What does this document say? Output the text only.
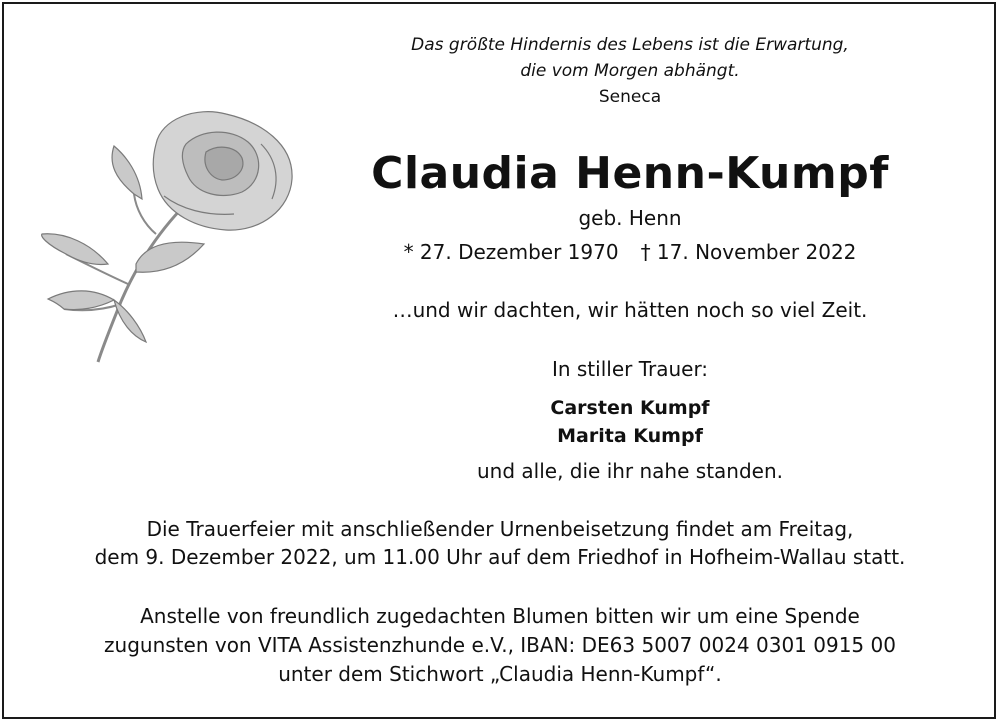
Das größte Hindernis des Lebens ist die Erwartung,
die vom Morgen abhängt.
Seneca
Claudia Henn-Kumpf
geb. Henn
* 27. Dezember 1970 † 17. November 2022
…und wir dachten, wir hätten noch so viel Zeit.
In stiller Trauer:
Carsten Kumpf
Marita Kumpf
und alle, die ihr nahe standen.
Die Trauerfeier mit anschließender Urnenbeisetzung findet am Freitag,
dem 9. Dezember 2022, um 11.00 Uhr auf dem Friedhof in Hofheim-Wallau statt.
Anstelle von freundlich zugedachten Blumen bitten wir um eine Spende
zugunsten von VITA Assistenzhunde e.V., IBAN: DE63 5007 0024 0301 0915 00
unter dem Stichwort „Claudia Henn-Kumpf“.
